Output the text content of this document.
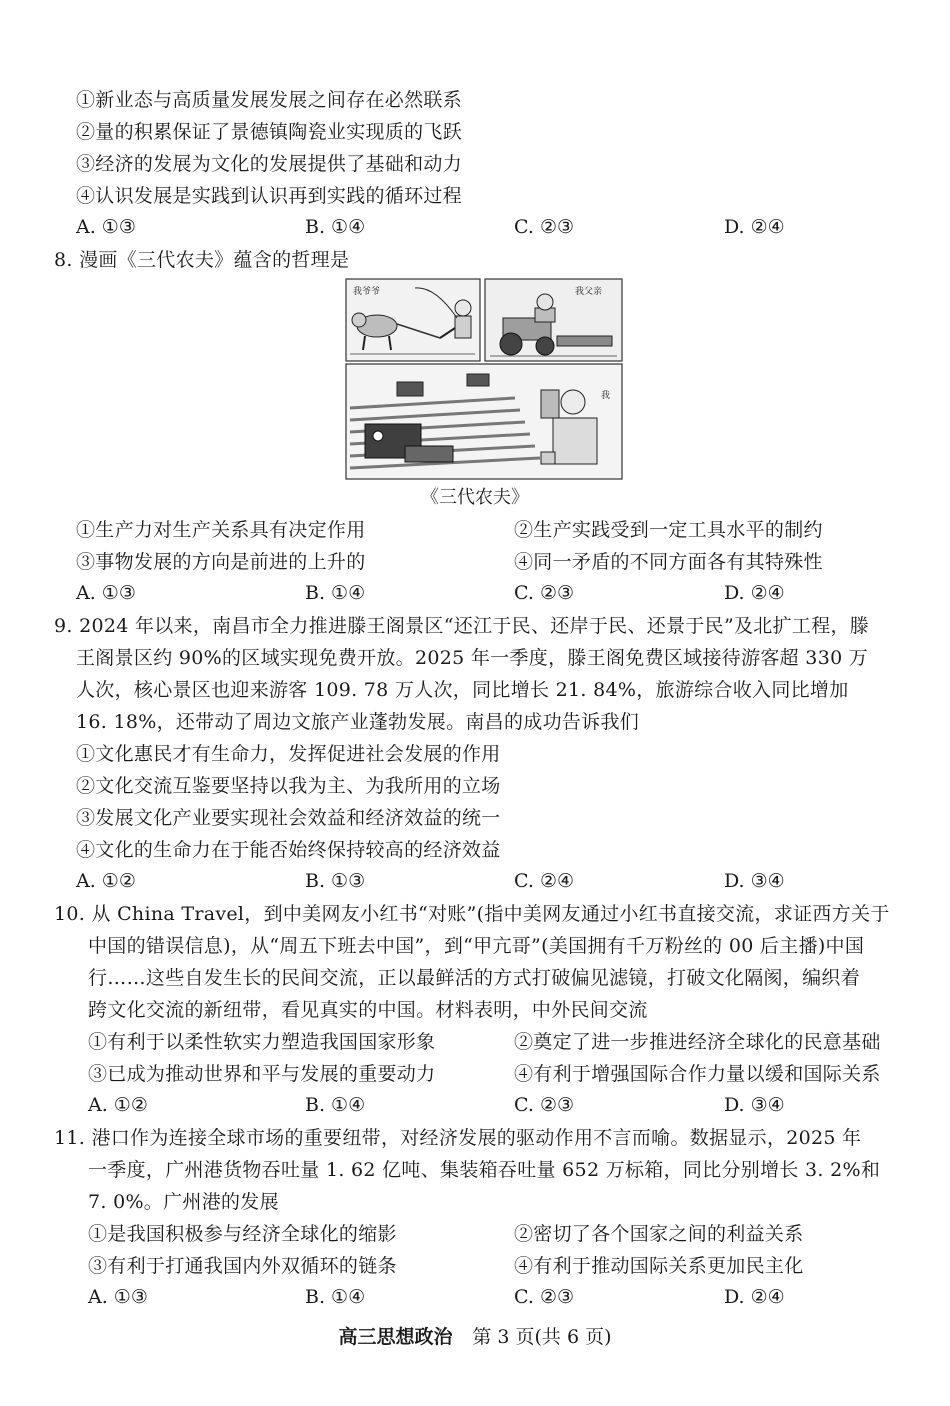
①新业态与高质量发展发展之间存在必然联系
②量的积累保证了景德镇陶瓷业实现质的飞跃
③经济的发展为文化的发展提供了基础和动力
④认识发展是实践到认识再到实践的循环过程
A. ①③	B. ①④	C. ②③	D. ②④
8. 漫画《三代农夫》蕴含的哲理是
我爷爷	我父亲
我
《三代农夫》
①生产力对生产关系具有决定作用	②生产实践受到一定工具水平的制约
③事物发展的方向是前进的上升的	④同一矛盾的不同方面各有其特殊性
A. ①③	B. ①④	C. ②③	D. ②④
9. 2024 年以来，南昌市全力推进滕王阁景区“还江于民、还岸于民、还景于民”及北扩工程，滕
王阁景区约 90%的区域实现免费开放。2025 年一季度，滕王阁免费区域接待游客超 330 万
人次，核心景区也迎来游客 109. 78 万人次，同比增长 21. 84%，旅游综合收入同比增加
16. 18%，还带动了周边文旅产业蓬勃发展。南昌的成功告诉我们
①文化惠民才有生命力，发挥促进社会发展的作用
②文化交流互鉴要坚持以我为主、为我所用的立场
③发展文化产业要实现社会效益和经济效益的统一
④文化的生命力在于能否始终保持较高的经济效益
A. ①②	B. ①③	C. ②④	D. ③④
10. 从 China Travel，到中美网友小红书“对账”(指中美网友通过小红书直接交流，求证西方关于
中国的错误信息)，从“周五下班去中国”，到“甲亢哥”(美国拥有千万粉丝的 00 后主播)中国
行……这些自发生长的民间交流，正以最鲜活的方式打破偏见滤镜，打破文化隔阂，编织着
跨文化交流的新纽带，看见真实的中国。材料表明，中外民间交流
①有利于以柔性软实力塑造我国国家形象	②奠定了进一步推进经济全球化的民意基础
③已成为推动世界和平与发展的重要动力	④有利于增强国际合作力量以缓和国际关系
A. ①②	B. ①④	C. ②③	D. ③④
11. 港口作为连接全球市场的重要纽带，对经济发展的驱动作用不言而喻。数据显示，2025 年
一季度，广州港货物吞吐量 1. 62 亿吨、集装箱吞吐量 652 万标箱，同比分别增长 3. 2%和
7. 0%。广州港的发展
①是我国积极参与经济全球化的缩影	②密切了各个国家之间的利益关系
③有利于打通我国内外双循环的链条	④有利于推动国际关系更加民主化
A. ①③	B. ①④	C. ②③	D. ②④
高三思想政治 第 3 页(共 6 页)
